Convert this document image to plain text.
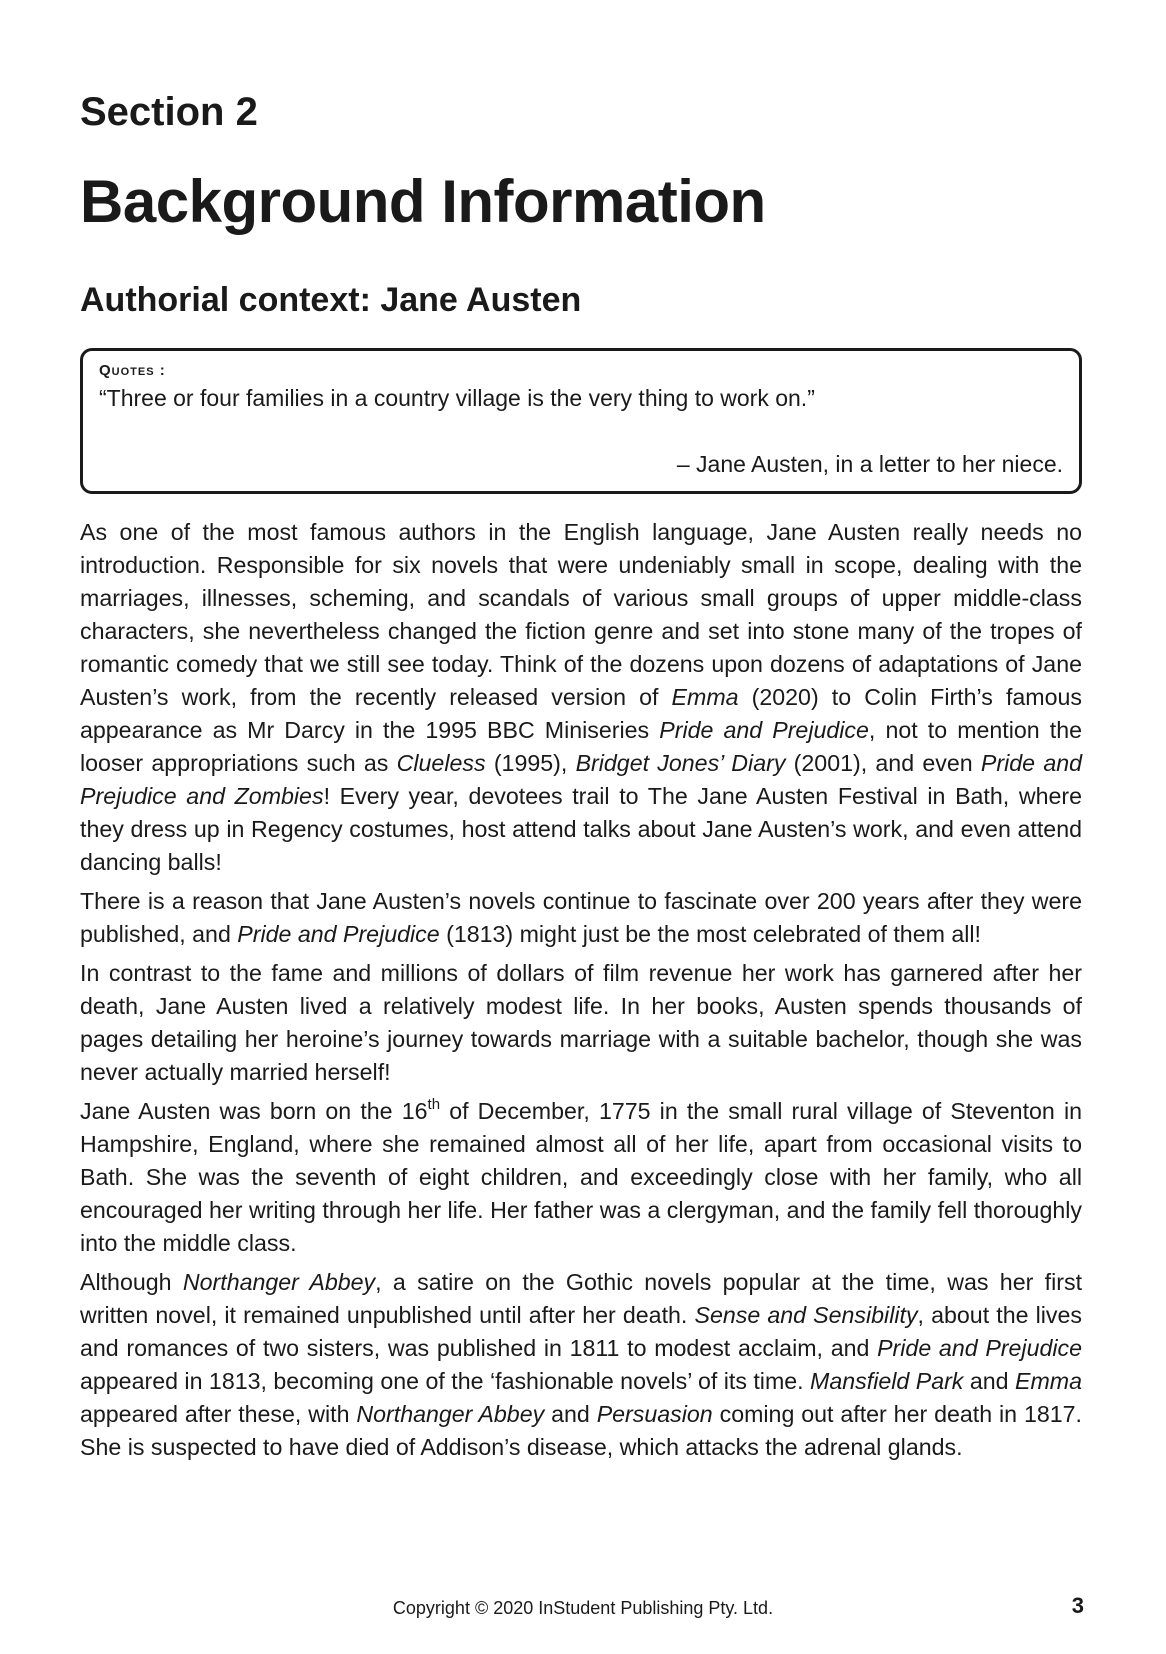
Section 2
Background Information
Authorial context: Jane Austen
Quotes :
“Three or four families in a country village is the very thing to work on.”
– Jane Austen, in a letter to her niece.

As one of the most famous authors in the English language, Jane Austen really needs no introduction. Responsible for six novels that were undeniably small in scope, dealing with the marriages, illnesses, scheming, and scandals of various small groups of upper middle-class characters, she nevertheless changed the fiction genre and set into stone many of the tropes of romantic comedy that we still see today. Think of the dozens upon dozens of adaptations of Jane Austen’s work, from the recently released version of Emma (2020) to Colin Firth’s famous appearance as Mr Darcy in the 1995 BBC Miniseries Pride and Prejudice, not to mention the looser appropriations such as Clueless (1995), Bridget Jones’ Diary (2001), and even Pride and Prejudice and Zombies! Every year, devotees trail to The Jane Austen Festival in Bath, where they dress up in Regency costumes, host attend talks about Jane Austen’s work, and even attend dancing balls!

There is a reason that Jane Austen’s novels continue to fascinate over 200 years after they were published, and Pride and Prejudice (1813) might just be the most celebrated of them all!

In contrast to the fame and millions of dollars of film revenue her work has garnered after her death, Jane Austen lived a relatively modest life. In her books, Austen spends thousands of pages detailing her heroine’s journey towards marriage with a suitable bachelor, though she was never actually married herself!

Jane Austen was born on the 16th of December, 1775 in the small rural village of Steventon in Hampshire, England, where she remained almost all of her life, apart from occasional visits to Bath. She was the seventh of eight children, and exceedingly close with her family, who all encouraged her writing through her life. Her father was a clergyman, and the family fell thoroughly into the middle class.

Although Northanger Abbey, a satire on the Gothic novels popular at the time, was her first written novel, it remained unpublished until after her death. Sense and Sensibility, about the lives and romances of two sisters, was published in 1811 to modest acclaim, and Pride and Prejudice appeared in 1813, becoming one of the ‘fashionable novels’ of its time. Mansfield Park and Emma appeared after these, with Northanger Abbey and Persuasion coming out after her death in 1817. She is suspected to have died of Addison’s disease, which attacks the adrenal glands.

Copyright © 2020 InStudent Publishing Pty. Ltd.	3
